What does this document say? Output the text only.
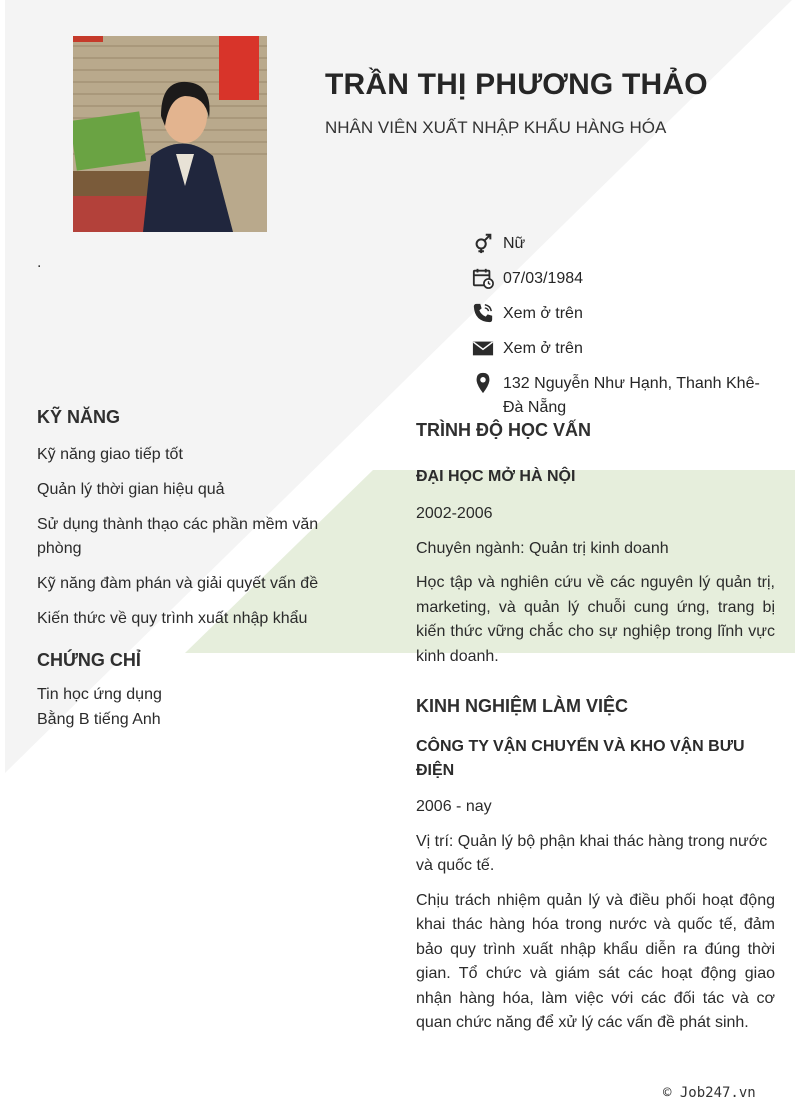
TRẦN THỊ PHƯƠNG THẢO
NHÂN VIÊN XUẤT NHẬP KHẨU HÀNG HÓA
.
Nữ
07/03/1984
Xem ở trên
Xem ở trên
132 Nguyễn Như Hạnh, Thanh Khê-Đà Nẵng
KỸ NĂNG
Kỹ năng giao tiếp tốt
Quản lý thời gian hiệu quả
Sử dụng thành thạo các phần mềm văn phòng
Kỹ năng đàm phán và giải quyết vấn đề
Kiến thức về quy trình xuất nhập khẩu
CHỨNG CHỈ
Tin học ứng dụng
Bằng B tiếng Anh
TRÌNH ĐỘ HỌC VẤN
ĐẠI HỌC MỞ HÀ NỘI
2002-2006
Chuyên ngành: Quản trị kinh doanh
Học tập và nghiên cứu về các nguyên lý quản trị, marketing, và quản lý chuỗi cung ứng, trang bị kiến thức vững chắc cho sự nghiệp trong lĩnh vực kinh doanh.
KINH NGHIỆM LÀM VIỆC
CÔNG TY VẬN CHUYỂN VÀ KHO VẬN BƯU ĐIỆN
2006 - nay
Vị trí: Quản lý bộ phận khai thác hàng trong nước và quốc tế.
Chịu trách nhiệm quản lý và điều phối hoạt động khai thác hàng hóa trong nước và quốc tế, đảm bảo quy trình xuất nhập khẩu diễn ra đúng thời gian. Tổ chức và giám sát các hoạt động giao nhận hàng hóa, làm việc với các đối tác và cơ quan chức năng để xử lý các vấn đề phát sinh.
© Job247.vn
